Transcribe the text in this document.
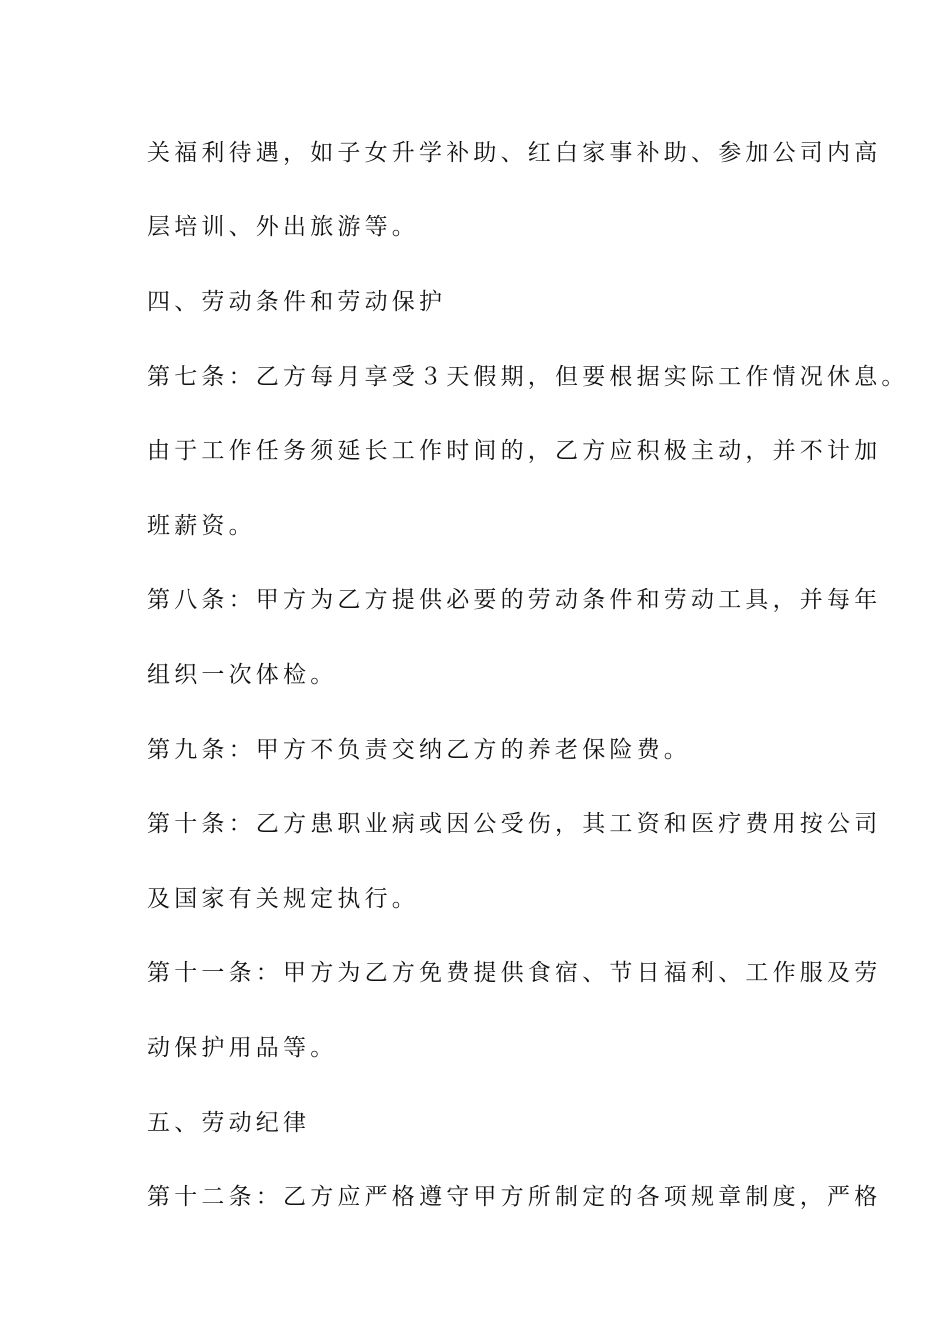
关福利待遇，如子女升学补助、红白家事补助、参加公司内高
层培训、外出旅游等。
四、劳动条件和劳动保护
第七条：乙方每月享受３天假期，但要根据实际工作情况休息。
由于工作任务须延长工作时间的，乙方应积极主动，并不计加
班薪资。
第八条：甲方为乙方提供必要的劳动条件和劳动工具，并每年
组织一次体检。
第九条：甲方不负责交纳乙方的养老保险费。
第十条：乙方患职业病或因公受伤，其工资和医疗费用按公司
及国家有关规定执行。
第十一条：甲方为乙方免费提供食宿、节日福利、工作服及劳
动保护用品等。
五、劳动纪律
第十二条：乙方应严格遵守甲方所制定的各项规章制度，严格
